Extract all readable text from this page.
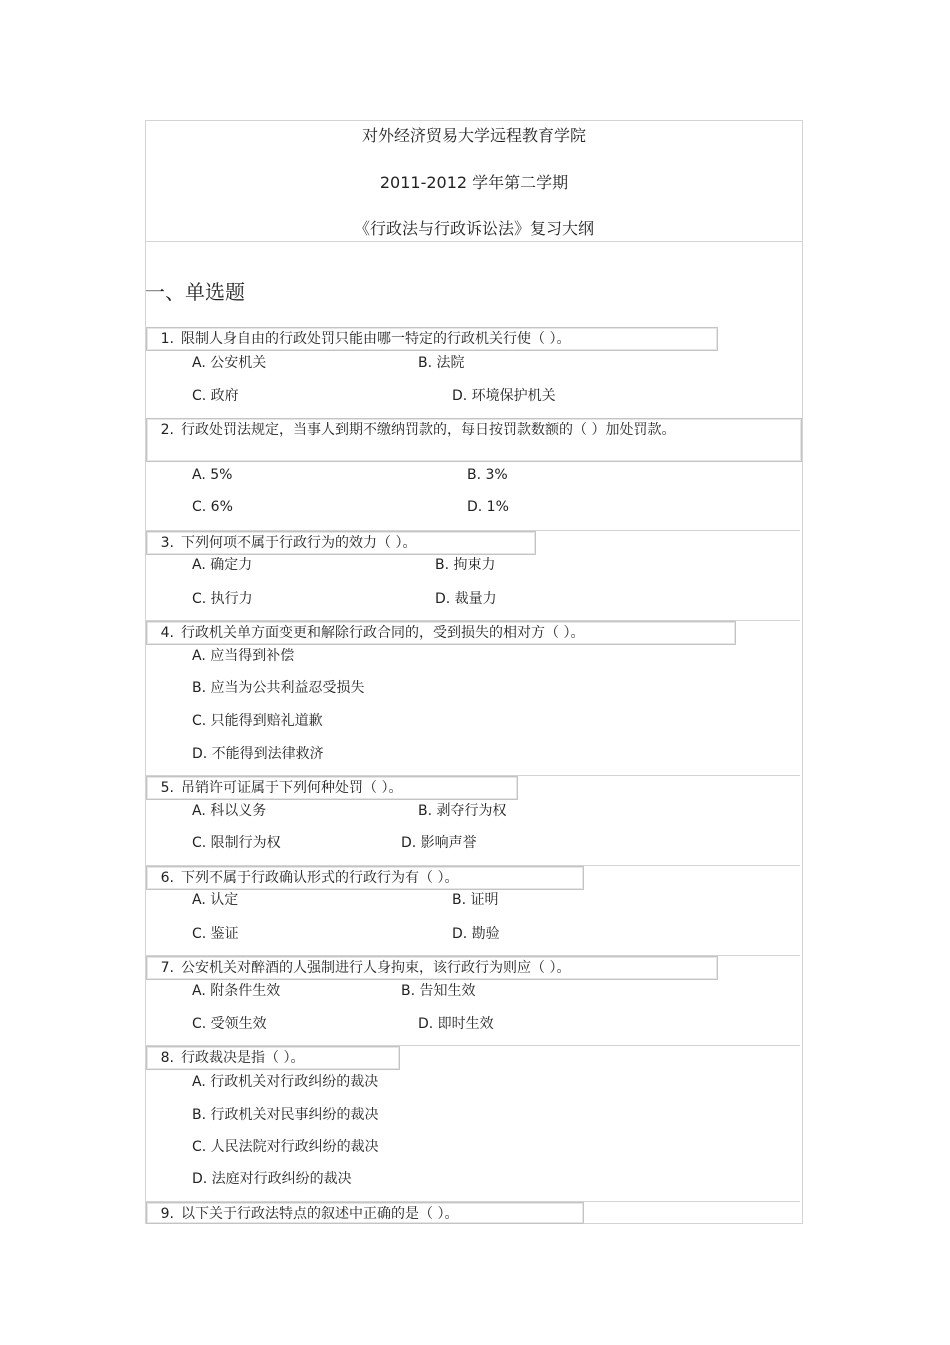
对外经济贸易大学远程教育学院
2011-2012 学年第二学期
《行政法与行政诉讼法》复习大纲
一、单选题
1. 限制人身自由的行政处罚只能由哪一特定的行政机关行使（ ）。
A. 公安机关	B. 法院
C. 政府	D. 环境保护机关
2. 行政处罚法规定，当事人到期不缴纳罚款的，每日按罚款数额的（ ）加处罚款。
A. 5%	B. 3%
C. 6%	D. 1%
3. 下列何项不属于行政行为的效力（ ）。
A. 确定力	B. 拘束力
C. 执行力	D. 裁量力
4. 行政机关单方面变更和解除行政合同的，受到损失的相对方（ ）。
A. 应当得到补偿
B. 应当为公共利益忍受损失
C. 只能得到赔礼道歉
D. 不能得到法律救济
5. 吊销许可证属于下列何种处罚（ ）。
A. 科以义务	B. 剥夺行为权
C. 限制行为权	D. 影响声誉
6. 下列不属于行政确认形式的行政行为有（ ）。
A. 认定	B. 证明
C. 鉴证	D. 勘验
7. 公安机关对醉酒的人强制进行人身拘束，该行政行为则应（ ）。
A. 附条件生效	B. 告知生效
C. 受领生效	D. 即时生效
8. 行政裁决是指（ ）。
A. 行政机关对行政纠纷的裁决
B. 行政机关对民事纠纷的裁决
C. 人民法院对行政纠纷的裁决
D. 法庭对行政纠纷的裁决
9. 以下关于行政法特点的叙述中正确的是（ ）。
